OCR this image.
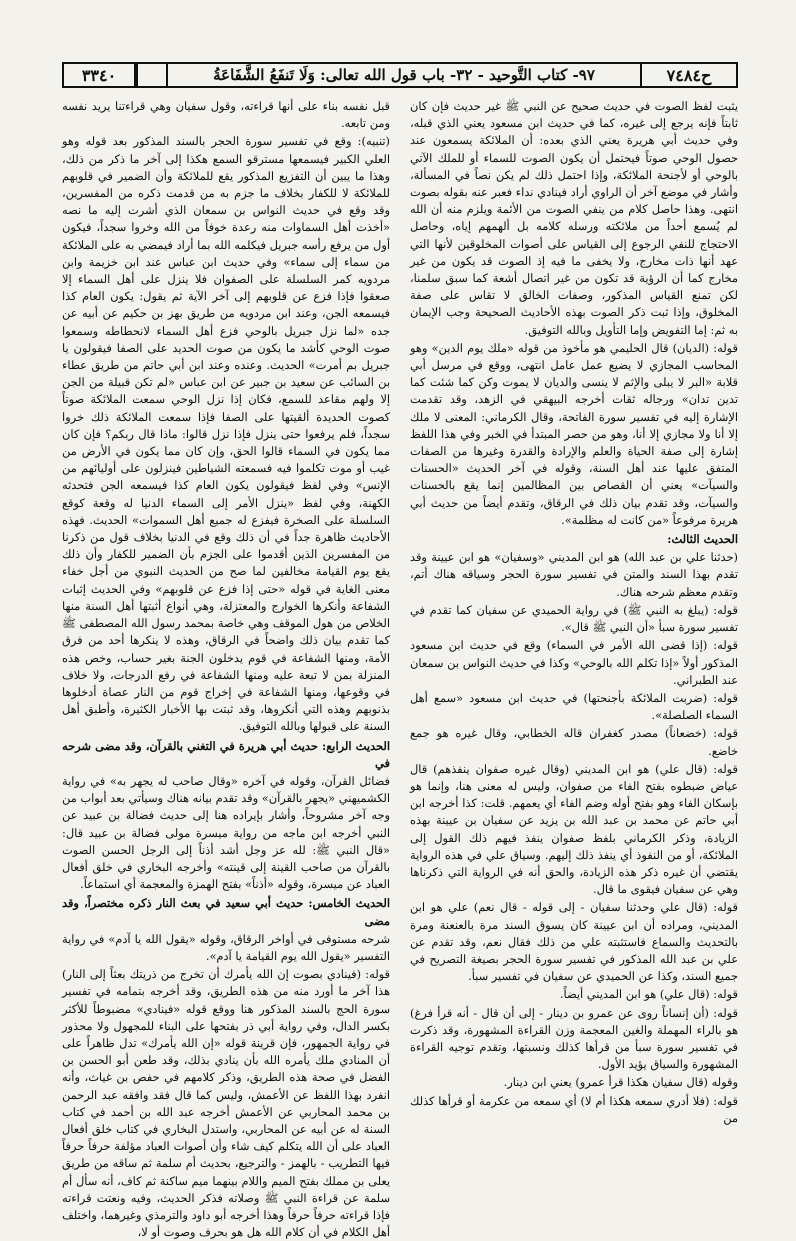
ح٧٤٨٤
٩٧- كتاب التَّوحيد - ٣٢- باب قول الله تعالى: وَلَا تَنفَعُ الشَّفَاعَةُ
٣٣٤٠

يثبت لفظ الصوت في حديث صحيح عن النبي ﷺ غير حديث فإن كان ثابتاً فإنه يرجع إلى غيره، كما في حديث ابن مسعود يعني الذي قبله، وفي حديث أبي هريرة يعني الذي بعده: أن الملائكة يسمعون عند حصول الوحي صوتاً فيحتمل أن يكون الصوت للسماء أو للملك الآتي بالوحي أو لأجنحة الملائكة، وإذا احتمل ذلك لم يكن نصاً في المسألة، وأشار في موضع آخر أن الراوي أراد فينادي نداء فعبر عنه بقوله بصوت انتهى. وهذا حاصل كلام من ينفي الصوت من الأئمة ويلزم منه أن الله لم يُسمع أحداً من ملائكته ورسله كلامه بل ألهمهم إياه، وحاصل الاحتجاج للنفي الرجوع إلى القياس على أصوات المخلوقين لأنها التي عهد أنها ذات مخارج، ولا يخفى ما فيه إذ الصوت قد يكون من غير مخارج كما أن الرؤية قد تكون من غير اتصال أشعة كما سبق سلمنا، لكن تمنع القياس المذكور، وصفات الخالق لا تقاس على صفة المخلوق، وإذا ثبت ذكر الصوت بهذه الأحاديث الصحيحة وجب الإيمان به ثم: إما التفويض وإما التأويل وبالله التوفيق.

قوله: (الديان) قال الحليمي هو مأخوذ من قوله «ملك يوم الدين» وهو المحاسب المجازي لا يضيع عمل عامل انتهى، ووقع في مرسل أبي قلابة «البر لا يبلى والإثم لا ينسى والديان لا يموت وكن كما شئت كما تدين تدان» ورجاله ثقات أخرجه البيهقي في الزهد، وقد تقدمت الإشارة إليه في تفسير سورة الفاتحة، وقال الكرماني: المعنى لا ملك إلا أنا ولا مجازي إلا أنا، وهو من حصر المبتدأ في الخبر وفي هذا اللفظ إشارة إلى صفة الحياة والعلم والإرادة والقدرة وغيرها من الصفات المتفق عليها عند أهل السنة، وقوله في آخر الحديث «الحسنات والسيآت» يعني أن القصاص بين المظالمين إنما يقع بالحسنات والسيآت، وقد تقدم بيان ذلك في الرقاق، وتقدم أيضاً من حديث أبي هريرة مرفوعاً «من كانت له مظلمة».

الحديث الثالث:

(حدثنا علي بن عبد الله) هو ابن المديني «وسفيان» هو ابن عيينة وقد تقدم بهذا السند والمتن في تفسير سورة الحجر وسياقه هناك أتم، وتقدم معظم شرحه هناك.

قوله: (يبلغ به النبي ﷺ) في رواية الحميدي عن سفيان كما تقدم في تفسير سورة سبأ «أن النبي ﷺ قال».

قوله: (إذا قضى الله الأمر في السماء) وقع في حديث ابن مسعود المذكور أولاً «إذا تكلم الله بالوحي» وكذا في حديث النواس بن سمعان عند الطبراني.

قوله: (ضربت الملائكة بأجنحتها) في حديث ابن مسعود «سمع أهل السماء الصلصلة».

قوله: (خضعاناً) مصدر كغفران قاله الخطابي، وقال غيره هو جمع خاضع.

قوله: (قال علي) هو ابن المديني (وقال غيره صفوان ينفذهم) قال عياض ضبطوه بفتح الفاء من صفوان، وليس له معنى هنا، وإنما هو بإسكان الفاء وهو بفتح أوله وضم الفاء أي يعمهم. قلت: كذا أخرجه ابن أبي حاتم عن محمد بن عبد الله بن يزيد عن سفيان بن عيينة بهذه الزيادة، وذكر الكرماني بلفظ صفوان ينفذ فيهم ذلك القول إلى الملائكة، أو من النفوذ أي ينفذ ذلك إليهم. وسياق علي في هذه الرواية يقتضي أن غيره ذكر هذه الزيادة، والحق أنه في الرواية التي ذكرناها وهي عن سفيان فيقوى ما قال.

قوله: (قال علي وحدثنا سفيان - إلى قوله - قال نعم) علي هو ابن المديني، ومراده أن ابن عيينة كان يسوق السند مرة بالعنعنة ومرة بالتحديث والسماع فاستثبته علي من ذلك فقال نعم، وقد تقدم عن علي بن عبد الله المذكور في تفسير سورة الحجر بصيغة التصريح في جميع السند، وكذا عن الحميدي عن سفيان في تفسير سبأ.

قوله: (قال علي) هو ابن المديني أيضاً.

قوله: (أن إنساناً روى عن عمرو بن دينار - إلى أن قال - أنه قرأ فرغ) هو بالراء المهملة والغين المعجمة وزن القراءة المشهورة، وقد ذكرت في تفسير سورة سبأ من قرأها كذلك ونسبتها، وتقدم توجيه القراءة المشهورة والسياق يؤيد الأول.

وقوله (قال سفيان هكذا قرأ عمرو) يعني ابن دينار.

قوله: (فلا أدري سمعه هكذا أم لا) أي سمعه من عكرمة أو قرأها كذلك من

قبل نفسه بناء على أنها قراءته، وقول سفيان وهي قراءتنا يريد نفسه ومن تابعه.

(تنبيه): وقع في تفسير سورة الحجر بالسند المذكور بعد قوله وهو العلي الكبير فيسمعها مسترقو السمع هكذا إلى آخر ما ذكر من ذلك، وهذا ما يبين أن التفزيع المذكور يقع للملائكة وأن الضمير في قلوبهم للملائكة لا للكفار بخلاف ما جزم به من قدمت ذكره من المفسرين، وقد وقع في حديث النواس بن سمعان الذي أشرت إليه ما نصه «أخذت أهل السماوات منه رعدة خوفاً من الله وخروا سجداً، فيكون أول من يرفع رأسه جبريل فيكلمه الله بما أراد فيمضي به على الملائكة من سماء إلى سماء» وفي حديث ابن عباس عند ابن خزيمة وابن مردويه كمر السلسلة على الصفوان فلا ينزل على أهل السماء إلا صعقوا فإذا فزع عن قلوبهم إلى آخر الآية ثم يقول: يكون العام كذا فيسمعه الجن، وعند ابن مردويه من طريق بهز بن حكيم عن أبيه عن جده «لما نزل جبريل بالوحي فزع أهل السماء لانحطاطه وسمعوا صوت الوحي كأشد ما يكون من صوت الحديد على الصفا فيقولون يا جبريل بم أمرت» الحديث. وعنده وعند ابن أبي حاتم من طريق عطاء بن السائب عن سعيد بن جبير عن ابن عباس «لم تكن قبيلة من الجن إلا ولهم مقاعد للسمع، فكان إذا نزل الوحي سمعت الملائكة صوتاً كصوت الحديدة ألقيتها على الصفا فإذا سمعت الملائكة ذلك خروا سجداً، فلم يرفعوا حتى ينزل فإذا نزل قالوا: ماذا قال ربكم؟ فإن كان مما يكون في السماء قالوا الحق، وإن كان مما يكون في الأرض من غيب أو موت تكلموا فيه فسمعته الشياطين فينزلون على أوليائهم من الإنس» وفي لفظ فيقولون يكون العام كذا فيسمعه الجن فتحدثه الكهنة، وفي لفظ «ينزل الأمر إلى السماء الدنيا له وقعة كوقع السلسلة على الصخرة فيفزع له جميع أهل السموات» الحديث. فهذه الأحاديث ظاهرة جداً في أن ذلك وقع في الدنيا بخلاف قول من ذكرنا من المفسرين الذين أقدموا على الجزم بأن الضمير للكفار وأن ذلك يقع يوم القيامة مخالفين لما صح من الحديث النبوي من أجل خفاء معنى الغاية في قوله «حتى إذا فزع عن قلوبهم» وفي الحديث إثبات الشفاعة وأنكرها الخوارج والمعتزلة، وهي أنواع أثبتها أهل السنة منها الخلاص من هول الموقف وهي خاصة بمحمد رسول الله المصطفى ﷺ كما تقدم بيان ذلك واضحاً في الرقاق، وهذه لا ينكرها أحد من فرق الأمة، ومنها الشفاعة في قوم يدخلون الجنة بغير حساب، وخص هذه المنزلة بمن لا تبعة عليه ومنها الشفاعة في رفع الدرجات، ولا خلاف في وقوعها، ومنها الشفاعة في إخراج قوم من النار عصاة أدخلوها بذنوبهم وهذه التي أنكروها، وقد ثبتت بها الأخبار الكثيرة، وأطبق أهل السنة على قبولها وبالله التوفيق.

الحديث الرابع: حديث أبي هريرة في التغني بالقرآن، وقد مضى شرحه في

فضائل القرآن، وقوله في آخره «وقال صاحب له يجهر به» في رواية الكشميهني «يجهر بالقرآن» وقد تقدم بيانه هناك وسيأتي بعد أبواب من وجه آخر مشروحاً، وأشار بإيراده هنا إلى حديث فضالة بن عبيد عن النبي أخرجه ابن ماجه من رواية ميسرة مولى فضالة بن عبيد قال: «قال النبي ﷺ: لله عز وجل أشد أذناً إلى الرجل الحسن الصوت بالقرآن من صاحب القينة إلى قينته» وأخرجه البخاري في خلق أفعال العباد عن ميسرة، وقوله «أذناً» بفتح الهمزة والمعجمة أي استماعاً.

الحديث الخامس: حديث أبي سعيد في بعث النار ذكره مختصراً، وقد مضى

شرحه مستوفى في أواخر الرقاق، وقوله «يقول الله يا آدم» في رواية التفسير «يقول الله يوم القيامة يا آدم».

قوله: (فينادي بصوت إن الله يأمرك أن تخرج من ذريتك بعثاً إلى النار) هذا آخر ما أورد منه من هذه الطريق، وقد أخرجه بتمامه في تفسير سورة الحج بالسند المذكور هنا ووقع قوله «فينادي» مضبوطاً للأكثر بكسر الدال، وفي رواية أبي ذر بفتحها على البناء للمجهول ولا محذور في رواية الجمهور، فإن قرينة قوله «إن الله يأمرك» تدل ظاهراً على أن المنادي ملك يأمره الله بأن ينادي بذلك، وقد طعن أبو الحسن بن الفضل في صحة هذه الطريق، وذكر كلامهم في حفص بن غياث، وأنه انفرد بهذا اللفظ عن الأعمش، وليس كما قال فقد وافقه عبد الرحمن بن محمد المحاربي عن الأعمش أخرجه عبد الله بن أحمد في كتاب السنة له عن أبيه عن المحاربي، واستدل البخاري في كتاب خلق أفعال العباد على أن الله يتكلم كيف شاء وأن أصوات العباد مؤلفة حرفاً حرفاً فيها التطريب - بالهمز - والترجيع، بحديث أم سلمة ثم ساقه من طريق يعلى بن مملك بفتح الميم واللام بينهما ميم ساكنة ثم كاف، أنه سأل أم سلمة عن قراءة النبي ﷺ وصلاته فذكر الحديث، وفيه ونعتت قراءته فإذا قراءته حرفاً حرفاً وهذا أخرجه أبو داود والترمذي وغيرهما، واختلف أهل الكلام في أن كلام الله هل هو بحرف وصوت أو لا،
